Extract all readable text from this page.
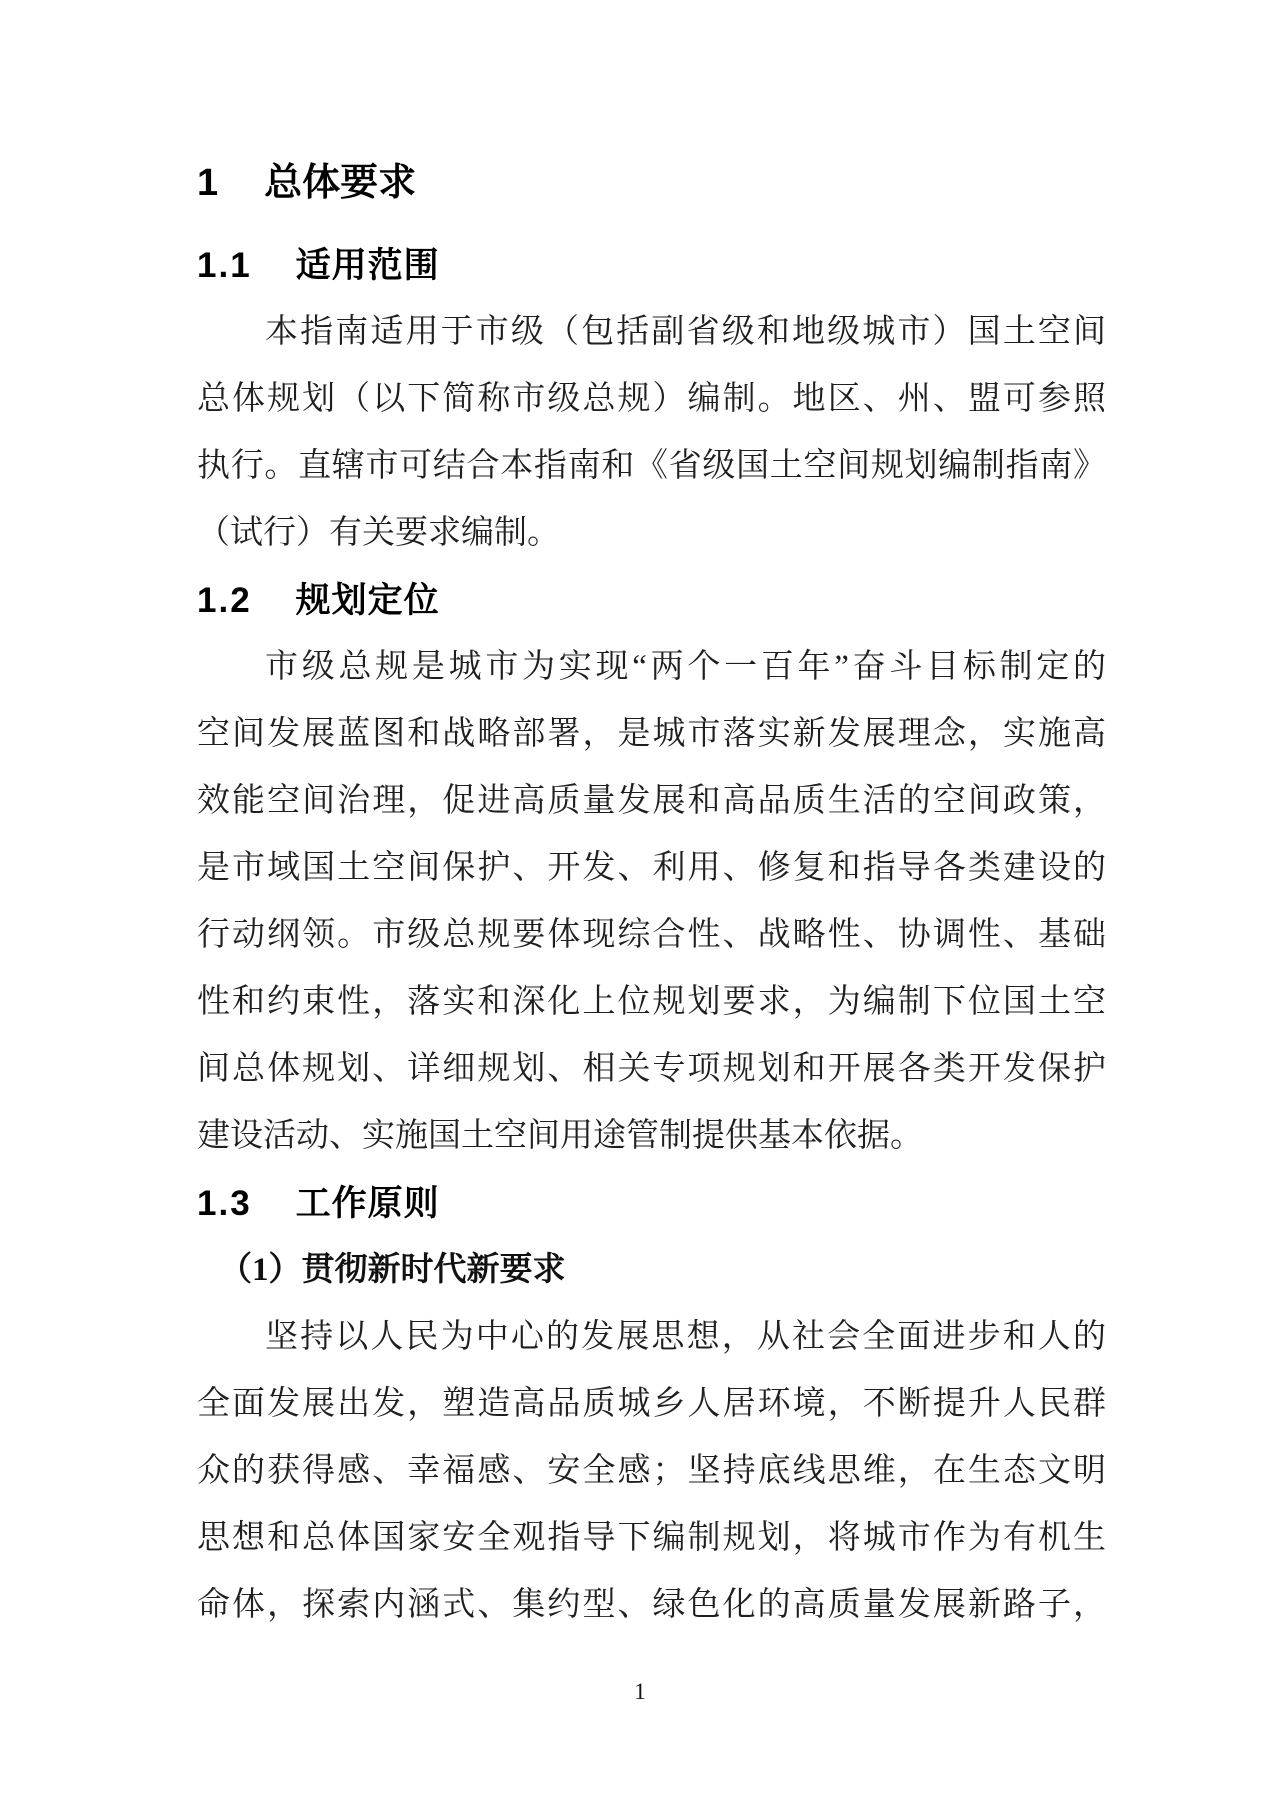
1 总体要求
1.1 适用范围
本指南适用于市级（包括副省级和地级城市）国土空间
总体规划（以下简称市级总规）编制。地区、州、盟可参照
执行。直辖市可结合本指南和《省级国土空间规划编制指南》
（试行）有关要求编制。
1.2 规划定位
市级总规是城市为实现“两个一百年”奋斗目标制定的
空间发展蓝图和战略部署，是城市落实新发展理念，实施高
效能空间治理，促进高质量发展和高品质生活的空间政策，
是市域国土空间保护、开发、利用、修复和指导各类建设的
行动纲领。市级总规要体现综合性、战略性、协调性、基础
性和约束性，落实和深化上位规划要求，为编制下位国土空
间总体规划、详细规划、相关专项规划和开展各类开发保护
建设活动、实施国土空间用途管制提供基本依据。
1.3 工作原则
（1）贯彻新时代新要求
坚持以人民为中心的发展思想，从社会全面进步和人的
全面发展出发，塑造高品质城乡人居环境，不断提升人民群
众的获得感、幸福感、安全感；坚持底线思维，在生态文明
思想和总体国家安全观指导下编制规划，将城市作为有机生
命体，探索内涵式、集约型、绿色化的高质量发展新路子，
1
